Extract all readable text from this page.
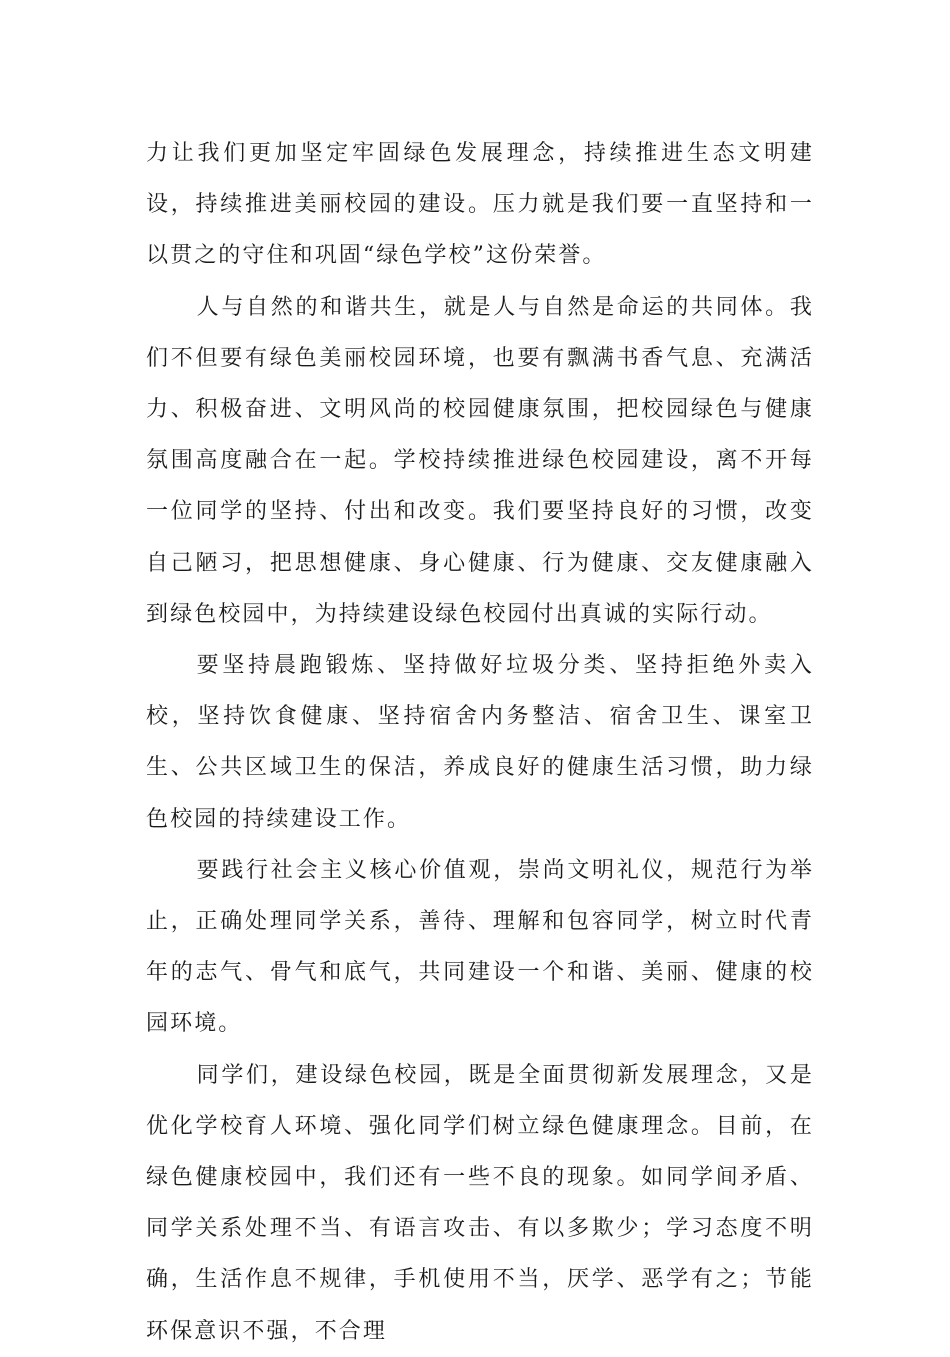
力让我们更加坚定牢固绿色发展理念，持续推进生态文明建设，持续推进美丽校园的建设。压力就是我们要一直坚持和一以贯之的守住和巩固“绿色学校”这份荣誉。

人与自然的和谐共生，就是人与自然是命运的共同体。我们不但要有绿色美丽校园环境，也要有飘满书香气息、充满活力、积极奋进、文明风尚的校园健康氛围，把校园绿色与健康氛围高度融合在一起。学校持续推进绿色校园建设，离不开每一位同学的坚持、付出和改变。我们要坚持良好的习惯，改变自己陋习，把思想健康、身心健康、行为健康、交友健康融入到绿色校园中，为持续建设绿色校园付出真诚的实际行动。

要坚持晨跑锻炼、坚持做好垃圾分类、坚持拒绝外卖入校，坚持饮食健康、坚持宿舍内务整洁、宿舍卫生、课室卫生、公共区域卫生的保洁，养成良好的健康生活习惯，助力绿色校园的持续建设工作。

要践行社会主义核心价值观，崇尚文明礼仪，规范行为举止，正确处理同学关系，善待、理解和包容同学，树立时代青年的志气、骨气和底气，共同建设一个和谐、美丽、健康的校园环境。

同学们，建设绿色校园，既是全面贯彻新发展理念，又是优化学校育人环境、强化同学们树立绿色健康理念。目前，在绿色健康校园中，我们还有一些不良的现象。如同学间矛盾、同学关系处理不当、有语言攻击、有以多欺少；学习态度不明确，生活作息不规律，手机使用不当，厌学、恶学有之；节能环保意识不强，不合理
